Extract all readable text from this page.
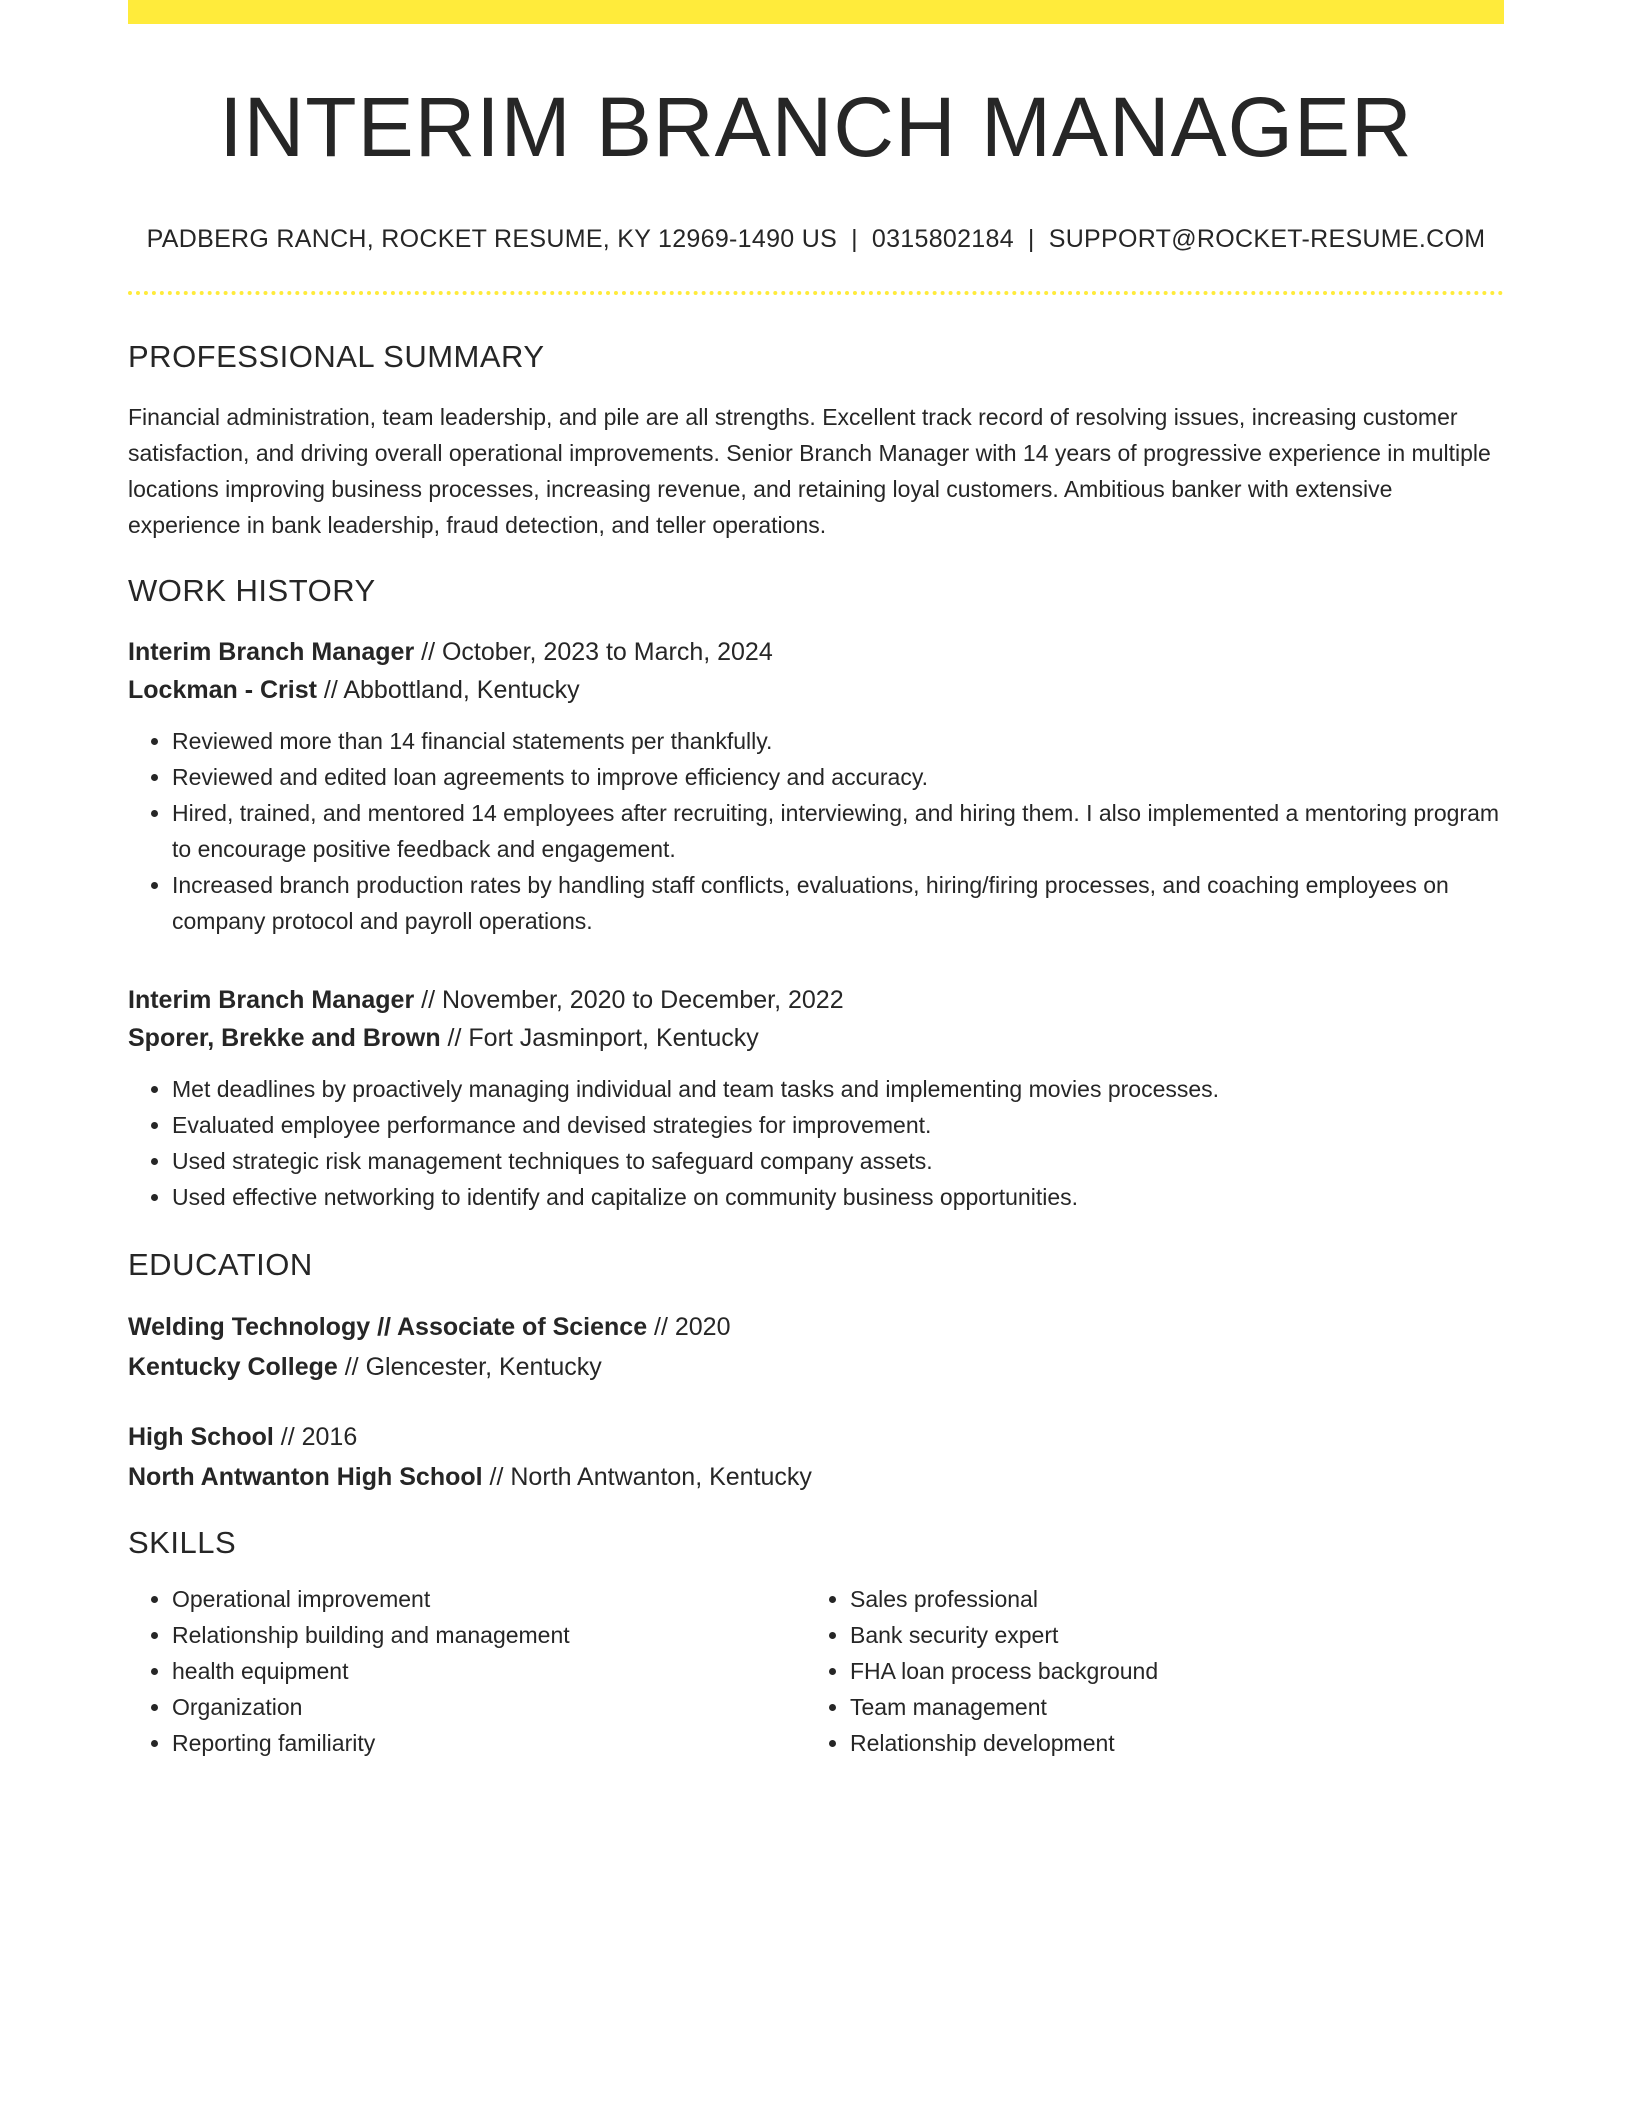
INTERIM BRANCH MANAGER
PADBERG RANCH, ROCKET RESUME, KY 12969-1490 US | 0315802184 | SUPPORT@ROCKET-RESUME.COM
PROFESSIONAL SUMMARY
Financial administration, team leadership, and pile are all strengths. Excellent track record of resolving issues, increasing customer satisfaction, and driving overall operational improvements. Senior Branch Manager with 14 years of progressive experience in multiple locations improving business processes, increasing revenue, and retaining loyal customers. Ambitious banker with extensive experience in bank leadership, fraud detection, and teller operations.
WORK HISTORY
Interim Branch Manager // October, 2023 to March, 2024
Lockman - Crist // Abbottland, Kentucky
• Reviewed more than 14 financial statements per thankfully.
• Reviewed and edited loan agreements to improve efficiency and accuracy.
• Hired, trained, and mentored 14 employees after recruiting, interviewing, and hiring them. I also implemented a mentoring program to encourage positive feedback and engagement.
• Increased branch production rates by handling staff conflicts, evaluations, hiring/firing processes, and coaching employees on company protocol and payroll operations.
Interim Branch Manager // November, 2020 to December, 2022
Sporer, Brekke and Brown // Fort Jasminport, Kentucky
• Met deadlines by proactively managing individual and team tasks and implementing movies processes.
• Evaluated employee performance and devised strategies for improvement.
• Used strategic risk management techniques to safeguard company assets.
• Used effective networking to identify and capitalize on community business opportunities.
EDUCATION
Welding Technology // Associate of Science // 2020
Kentucky College // Glencester, Kentucky
High School // 2016
North Antwanton High School // North Antwanton, Kentucky
SKILLS
• Operational improvement
• Relationship building and management
• health equipment
• Organization
• Reporting familiarity
• Sales professional
• Bank security expert
• FHA loan process background
• Team management
• Relationship development
